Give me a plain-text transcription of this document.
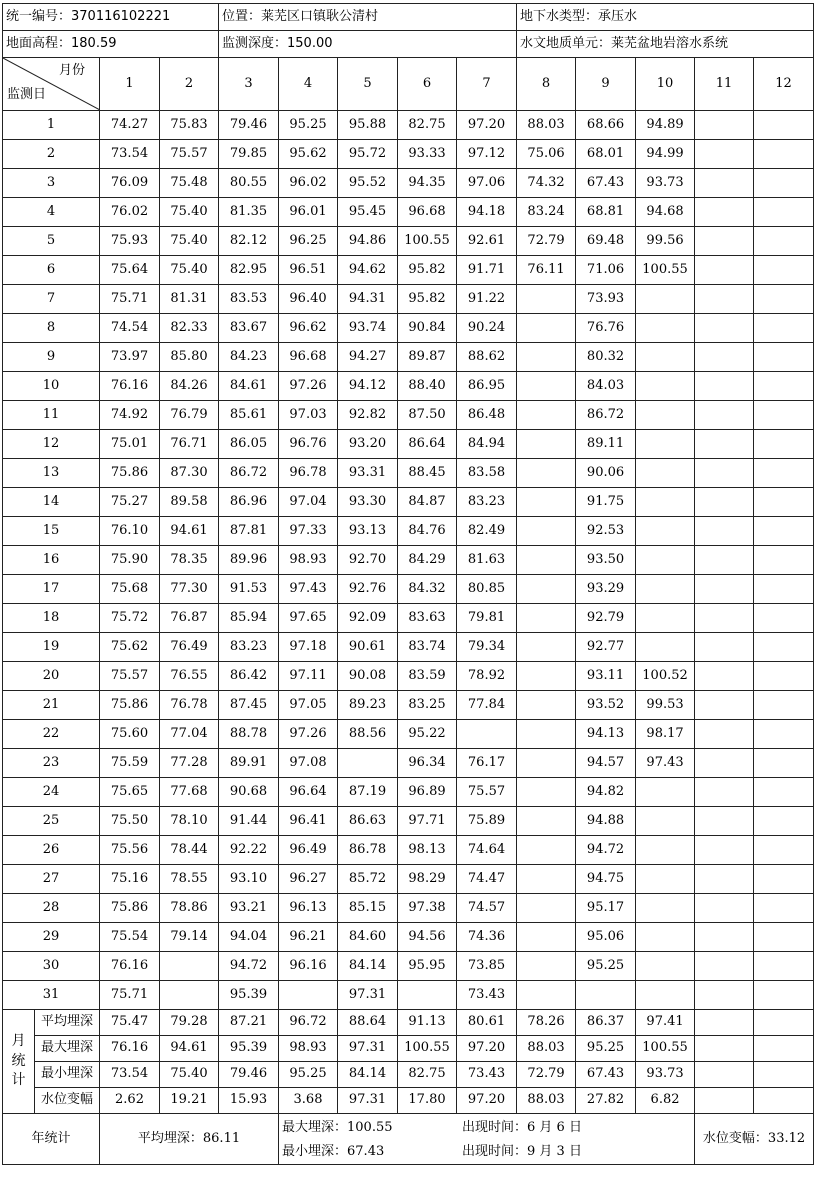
统一编号：370116102221				位置：莱芜区口镇耿公清村					地下水类型：承压水				
地面高程：180.59				监测深度：150.00					水文地质单元：莱芜盆地岩溶水系统				

月份
监测日		1	2	3	4	5	6	7	8	9	10	11	12
1		74.27	75.83	79.46	95.25	95.88	82.75	97.20	88.03	68.66	94.89		
2		73.54	75.57	79.85	95.62	95.72	93.33	97.12	75.06	68.01	94.99		
3		76.09	75.48	80.55	96.02	95.52	94.35	97.06	74.32	67.43	93.73		
4		76.02	75.40	81.35	96.01	95.45	96.68	94.18	83.24	68.81	94.68		
5		75.93	75.40	82.12	96.25	94.86	100.55	92.61	72.79	69.48	99.56		
6		75.64	75.40	82.95	96.51	94.62	95.82	91.71	76.11	71.06	100.55		
7		75.71	81.31	83.53	96.40	94.31	95.82	91.22		73.93			
8		74.54	82.33	83.67	96.62	93.74	90.84	90.24		76.76			
9		73.97	85.80	84.23	96.68	94.27	89.87	88.62		80.32			
10		76.16	84.26	84.61	97.26	94.12	88.40	86.95		84.03			
11		74.92	76.79	85.61	97.03	92.82	87.50	86.48		86.72			
12		75.01	76.71	86.05	96.76	93.20	86.64	84.94		89.11			
13		75.86	87.30	86.72	96.78	93.31	88.45	83.58		90.06			
14		75.27	89.58	86.96	97.04	93.30	84.87	83.23		91.75			
15		76.10	94.61	87.81	97.33	93.13	84.76	82.49		92.53			
16		75.90	78.35	89.96	98.93	92.70	84.29	81.63		93.50			
17		75.68	77.30	91.53	97.43	92.76	84.32	80.85		93.29			
18		75.72	76.87	85.94	97.65	92.09	83.63	79.81		92.79			
19		75.62	76.49	83.23	97.18	90.61	83.74	79.34		92.77			
20		75.57	76.55	86.42	97.11	90.08	83.59	78.92		93.11	100.52		
21		75.86	76.78	87.45	97.05	89.23	83.25	77.84		93.52	99.53		
22		75.60	77.04	88.78	97.26	88.56	95.22			94.13	98.17		
23		75.59	77.28	89.91	97.08		96.34	76.17		94.57	97.43		
24		75.65	77.68	90.68	96.64	87.19	96.89	75.57		94.82			
25		75.50	78.10	91.44	96.41	86.63	97.71	75.89		94.88			
26		75.56	78.44	92.22	96.49	86.78	98.13	74.64		94.72			
27		75.16	78.55	93.10	96.27	85.72	98.29	74.47		94.75			
28		75.86	78.86	93.21	96.13	85.15	97.38	74.57		95.17			
29		75.54	79.14	94.04	96.21	84.60	94.56	74.36		95.06			
30		76.16		94.72	96.16	84.14	95.95	73.85		95.25			
31		75.71		95.39		97.31		73.43					

月
统
计	平均埋深	75.47	79.28	87.21	96.72	88.64	91.13	80.61	78.26	86.37	97.41		
	最大埋深	76.16	94.61	95.39	98.93	97.31	100.55	97.20	88.03	95.25	100.55		
	最小埋深	73.54	75.40	79.46	95.25	84.14	82.75	73.43	72.79	67.43	93.73		
	水位变幅	2.62	19.21	15.93	3.68	97.31	17.80	97.20	88.03	27.82	6.82		
年统计		平均埋深：86.11			最大埋深：100.55 出现时间：6 月 6 日
最小埋深：67.43 出现时间：9 月 3 日							水位变幅：33.12	
